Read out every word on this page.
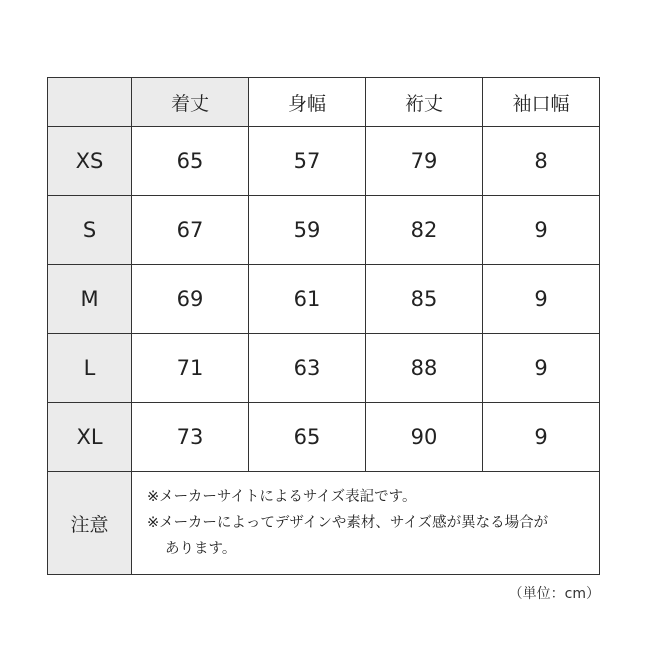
	着丈	身幅	裄丈	袖口幅
XS	65	57	79	8
S	67	59	82	9
M	69	61	85	9
L	71	63	88	9
XL	73	65	90	9
注意	※メーカーサイトによるサイズ表記です。
※メーカーによってデザインや素材、サイズ感が異なる場合が
あります。			
（単位：cm）
